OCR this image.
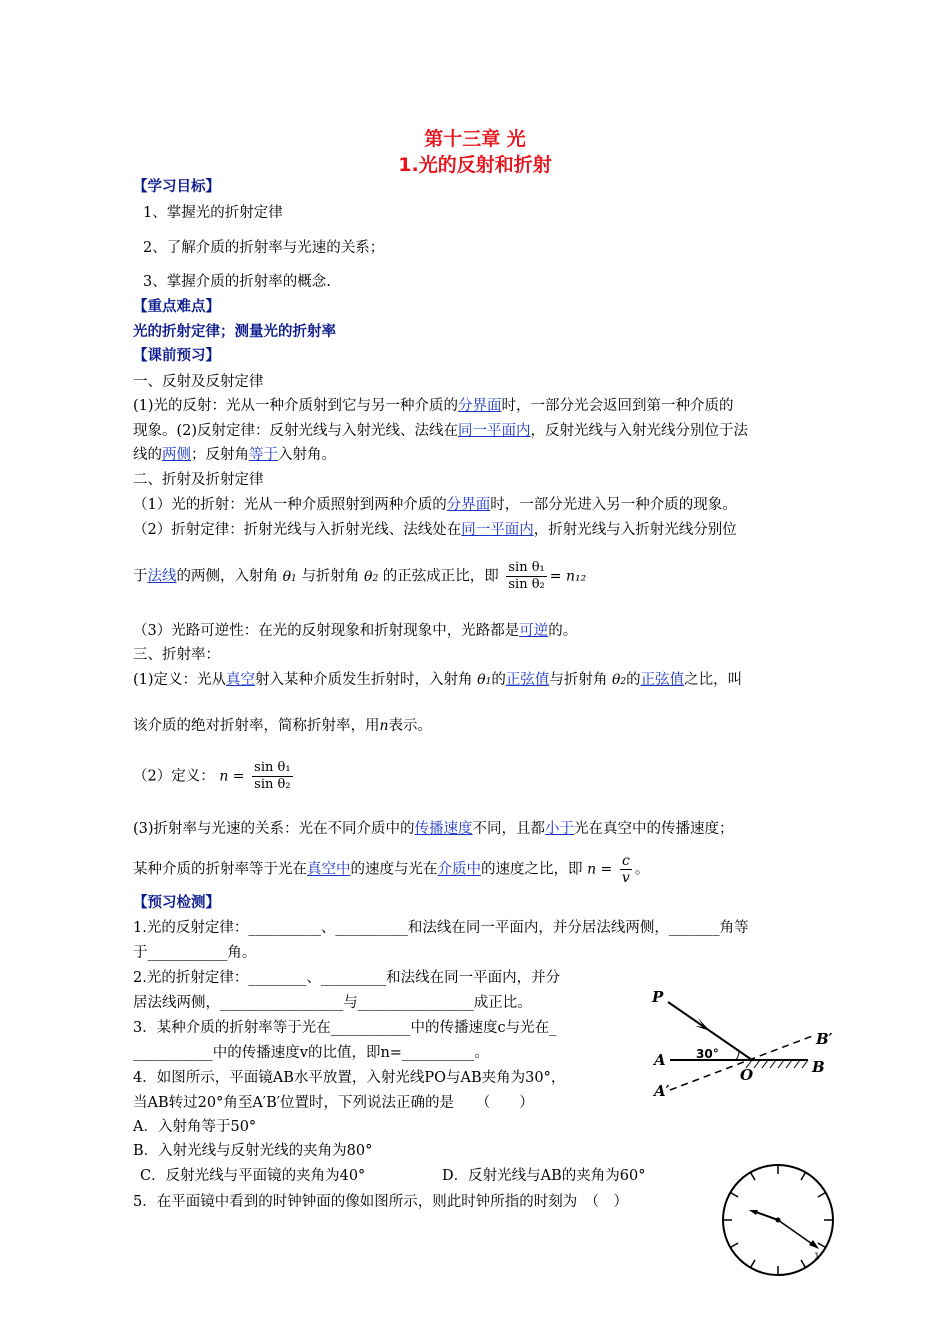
第十三章 光
1.光的反射和折射
【学习目标】
1、掌握光的折射定律
2、了解介质的折射率与光速的关系；
3、掌握介质的折射率的概念.
【重点难点】
光的折射定律；测量光的折射率
【课前预习】
一、反射及反射定律
(1)光的反射：光从一种介质射到它与另一种介质的分界面时，一部分光会返回到第一种介质的
现象。(2)反射定律：反射光线与入射光线、法线在同一平面内，反射光线与入射光线分别位于法
线的两侧；反射角等于入射角。
二、折射及折射定律
（1）光的折射：光从一种介质照射到两种介质的分界面时，一部分光进入另一种介质的现象。
（2）折射定律：折射光线与入折射光线、法线处在同一平面内，折射光线与入折射光线分别位
于法线的两侧，入射角 θ1 与折射角 θ2 的正弦成正比，即 $\frac{\text{sin θ₁}}{\text{sin θ₂}} = n_{12}$
（3）光路可逆性：在光的反射现象和折射现象中，光路都是可逆的。
三、折射率：
(1)定义：光从真空射入某种介质发生折射时，入射角 θ1的正弦值与折射角 θ2的正弦值之比，叫
该介质的绝对折射率，简称折射率，用n表示。
（2）定义： $n = \frac{\text{sin θ₁}}{\text{sin θ₂}}$
(3)折射率与光速的关系：光在不同介质中的传播速度不同，且都小于光在真空中的传播速度；
某种介质的折射率等于光在真空中的速度与光在介质中的速度之比，即 $n = \frac{c}{v}$ 。
【预习检测】
1.光的反射定律：__________、__________和法线在同一平面内，并分居法线两侧，_______角等
于___________角。
2.光的折射定律：________、_________和法线在同一平面内，并分
居法线两侧，_________________与________________成正比。
3．某种介质的折射率等于光在___________中的传播速度c与光在_
___________中的传播速度v的比值，即n=__________。
4．如图所示，平面镜AB水平放置，入射光线PO与AB夹角为30°，
当AB转过20°角至A′B′位置时，下列说法正确的是　　（　　）
A．入射角等于50°
B．入射光线与反射光线的夹角为80°
C．反射光线与平面镜的夹角为40°	D．反射光线与AB的夹角为60°
5．在平面镜中看到的时钟钟面的像如图所示，则此时钟所指的时刻为　（　）
P
A	30°
B′
B
O
A′
1
